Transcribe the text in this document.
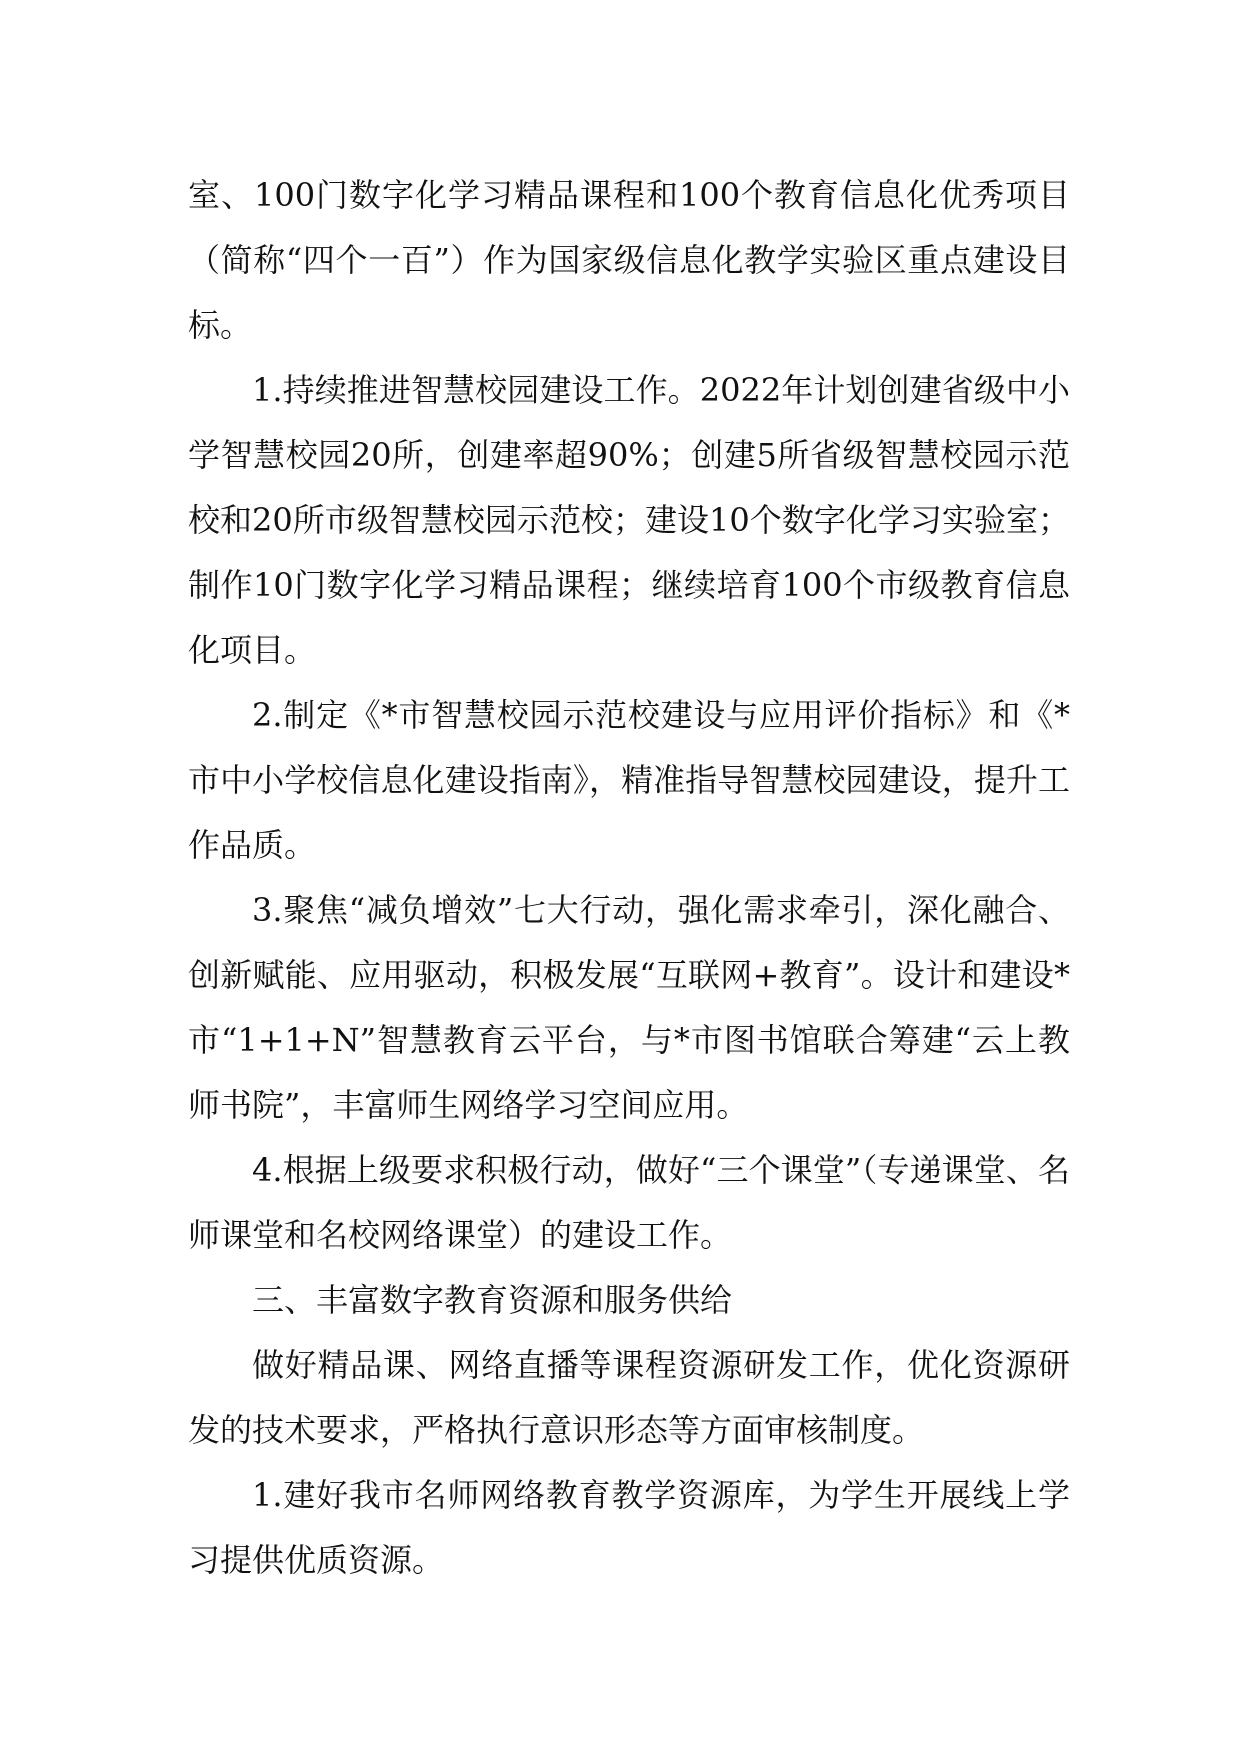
室、100门数字化学习精品课程和100个教育信息化优秀项目（简称“四个一百”）作为国家级信息化教学实验区重点建设目标。

1.持续推进智慧校园建设工作。2022年计划创建省级中小学智慧校园20所，创建率超90%；创建5所省级智慧校园示范校和20所市级智慧校园示范校；建设10个数字化学习实验室；制作10门数字化学习精品课程；继续培育100个市级教育信息化项目。

2.制定《*市智慧校园示范校建设与应用评价指标》和《*市中小学校信息化建设指南》，精准指导智慧校园建设，提升工作品质。

3.聚焦“减负增效”七大行动，强化需求牵引，深化融合、创新赋能、应用驱动，积极发展“互联网+教育”。设计和建设*市“1+1+N”智慧教育云平台，与*市图书馆联合筹建“云上教师书院”，丰富师生网络学习空间应用。

4.根据上级要求积极行动，做好“三个课堂”（专递课堂、名师课堂和名校网络课堂）的建设工作。

三、丰富数字教育资源和服务供给

做好精品课、网络直播等课程资源研发工作，优化资源研发的技术要求，严格执行意识形态等方面审核制度。

1.建好我市名师网络教育教学资源库，为学生开展线上学习提供优质资源。
